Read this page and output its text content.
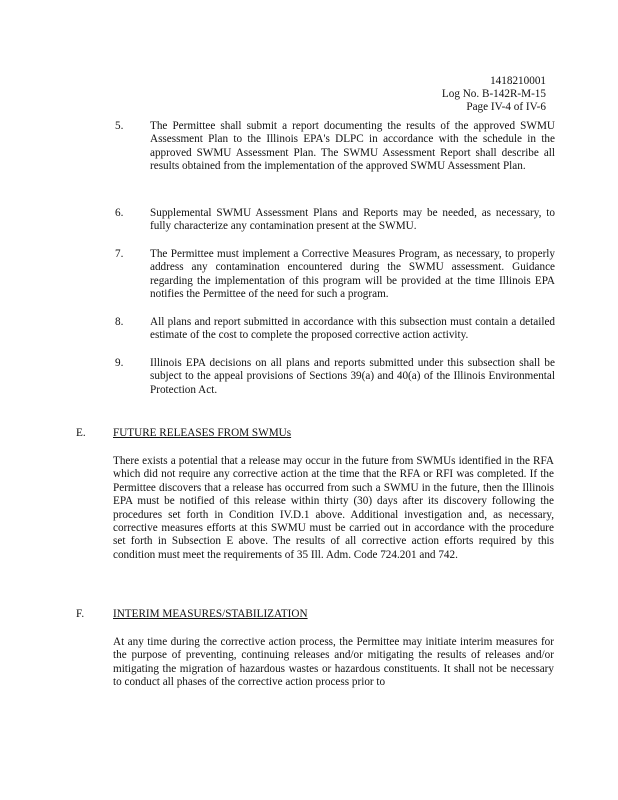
1418210001
Log No. B-142R-M-15
Page IV-4 of IV-6
5.	The Permittee shall submit a report documenting the results of the approved SWMU Assessment Plan to the Illinois EPA's DLPC in accordance with the schedule in the approved SWMU Assessment Plan. The SWMU Assessment Report shall describe all results obtained from the implementation of the approved SWMU Assessment Plan.
6.	Supplemental SWMU Assessment Plans and Reports may be needed, as necessary, to fully characterize any contamination present at the SWMU.
7.	The Permittee must implement a Corrective Measures Program, as necessary, to properly address any contamination encountered during the SWMU assessment. Guidance regarding the implementation of this program will be provided at the time Illinois EPA notifies the Permittee of the need for such a program.
8.	All plans and report submitted in accordance with this subsection must contain a detailed estimate of the cost to complete the proposed corrective action activity.
9.	Illinois EPA decisions on all plans and reports submitted under this subsection shall be subject to the appeal provisions of Sections 39(a) and 40(a) of the Illinois Environmental Protection Act.
E. FUTURE RELEASES FROM SWMUs
There exists a potential that a release may occur in the future from SWMUs identified in the RFA which did not require any corrective action at the time that the RFA or RFI was completed. If the Permittee discovers that a release has occurred from such a SWMU in the future, then the Illinois EPA must be notified of this release within thirty (30) days after its discovery following the procedures set forth in Condition IV.D.1 above. Additional investigation and, as necessary, corrective measures efforts at this SWMU must be carried out in accordance with the procedure set forth in Subsection E above. The results of all corrective action efforts required by this condition must meet the requirements of 35 Ill. Adm. Code 724.201 and 742.
F.	INTERIM MEASURES/STABILIZATION
At any time during the corrective action process, the Permittee may initiate interim measures for the purpose of preventing, continuing releases and/or mitigating the results of releases and/or mitigating the migration of hazardous wastes or hazardous constituents. It shall not be necessary to conduct all phases of the corrective action process prior to
